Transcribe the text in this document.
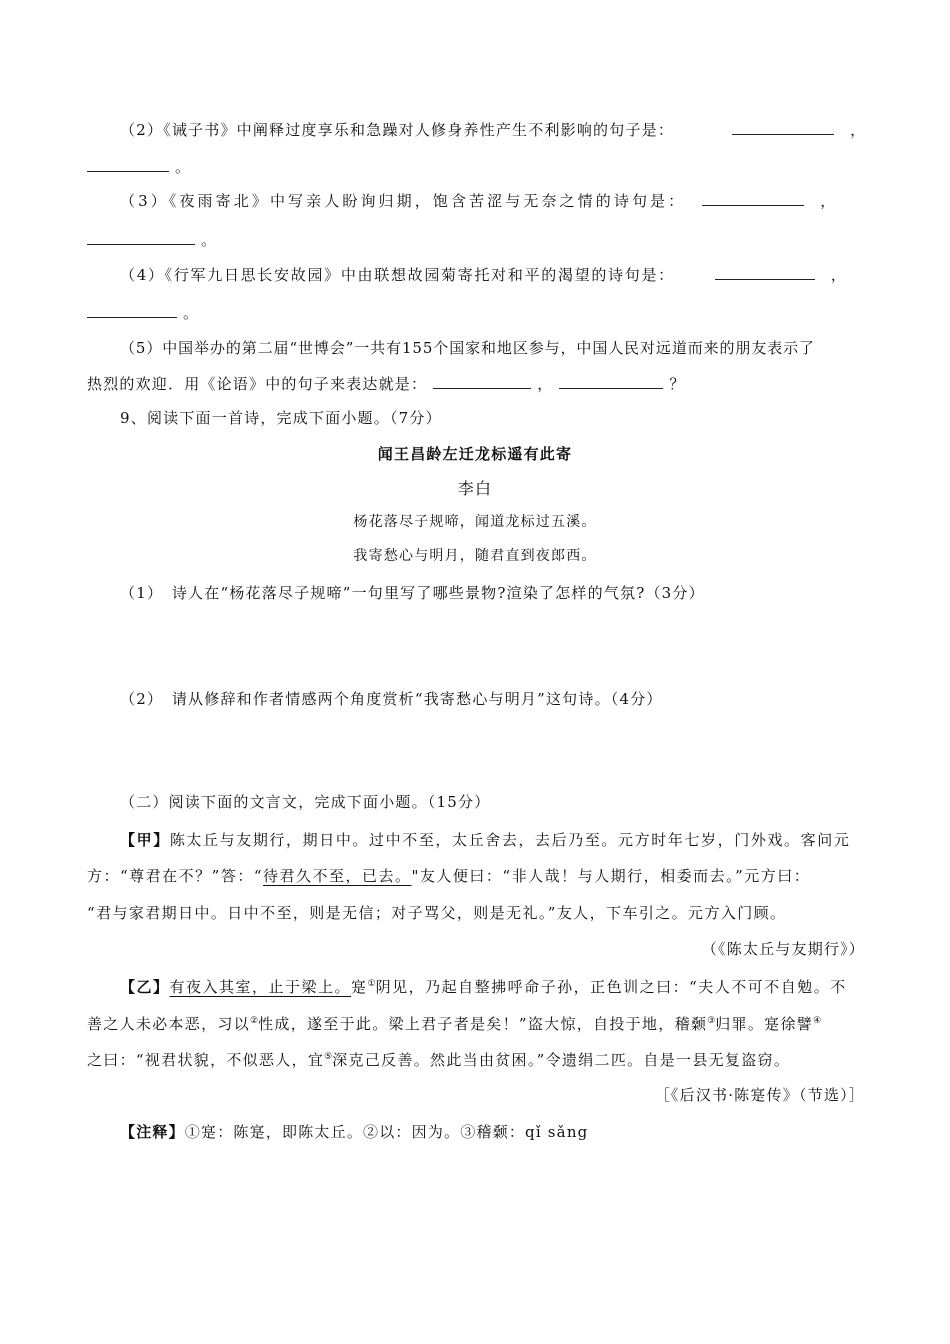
（2）《诫子书》中阐释过度享乐和急躁对人修身养性产生不利影响的句子是：	，
。
（3）《夜雨寄北》中写亲人盼询归期，饱含苦涩与无奈之情的诗句是：	，
。
（4）《行军九日思长安故园》中由联想故园菊寄托对和平的渴望的诗句是：	，
。
（5）中国举办的第二届“世博会”一共有155个国家和地区参与，中国人民对远道而来的朋友表示了
热烈的欢迎．用《论语》中的句子来表达就是：	，	？
9、阅读下面一首诗，完成下面小题。（7分）
闻王昌龄左迁龙标遥有此寄
李白
杨花落尽子规啼，闻道龙标过五溪。
我寄愁心与明月，随君直到夜郎西。
（1）　诗人在“杨花落尽子规啼”一句里写了哪些景物?渲染了怎样的气氛?（3分）
（2）　请从修辞和作者情感两个角度赏析“我寄愁心与明月”这句诗。（4分）
（二）阅读下面的文言文，完成下面小题。（15分）
【甲】陈太丘与友期行，期日中。过中不至，太丘舍去，去后乃至。元方时年七岁，门外戏。客问元
方：“尊君在不？”答：“待君久不至，已去。"友人便曰：“非人哉！与人期行，相委而去。”元方曰：
“君与家君期日中。日中不至，则是无信；对子骂父，则是无礼。”友人，下车引之。元方入门顾。
（《陈太丘与友期行》）
【乙】有夜入其室，止于梁上。寔①阴见，乃起自整拂呼命子孙，正色训之曰：“夫人不可不自勉。不
善之人未必本恶，习以②性成，遂至于此。梁上君子者是矣！”盗大惊，自投于地，稽颡③归罪。寔徐譬④
之曰：“视君状貌，不似恶人，宜⑤深克己反善。然此当由贫困。”令遗绢二匹。自是一县无复盗窃。
［《后汉书·陈寔传》（节选）］
【注释】①寔：陈寔，即陈太丘。②以：因为。③稽颡：qǐ sǎng
